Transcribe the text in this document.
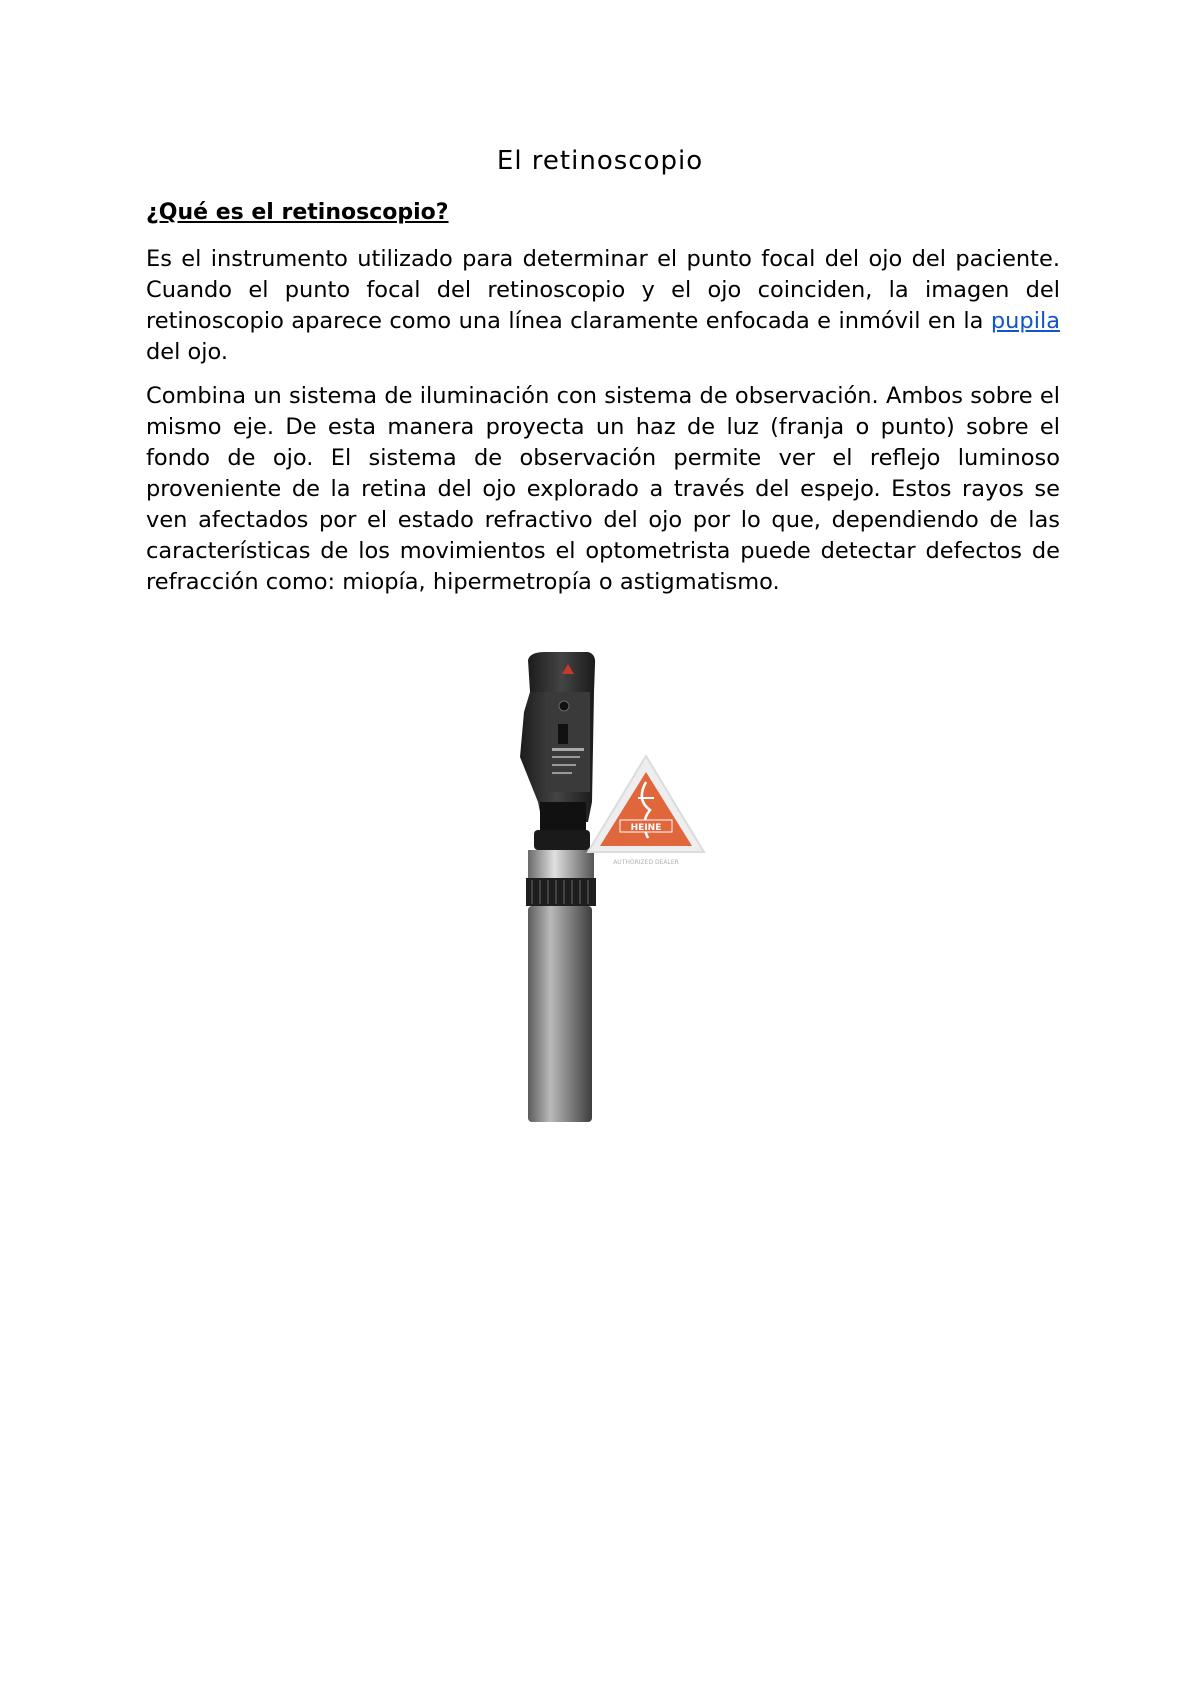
El retinoscopio
¿Qué es el retinoscopio?

Es el instrumento utilizado para determinar el punto focal del ojo del paciente. Cuando el punto focal del retinoscopio y el ojo coinciden, la imagen del retinoscopio aparece como una línea claramente enfocada e inmóvil en la pupila del ojo.

Combina un sistema de iluminación con sistema de observación. Ambos sobre el mismo eje. De esta manera proyecta un haz de luz (franja o punto) sobre el fondo de ojo. El sistema de observación permite ver el reflejo luminoso proveniente de la retina del ojo explorado a través del espejo. Estos rayos se ven afectados por el estado refractivo del ojo por lo que, dependiendo de las características de los movimientos el optometrista puede detectar defectos de refracción como: miopía, hipermetropía o astigmatismo.

HEINE
AUTHORIZED DEALER
